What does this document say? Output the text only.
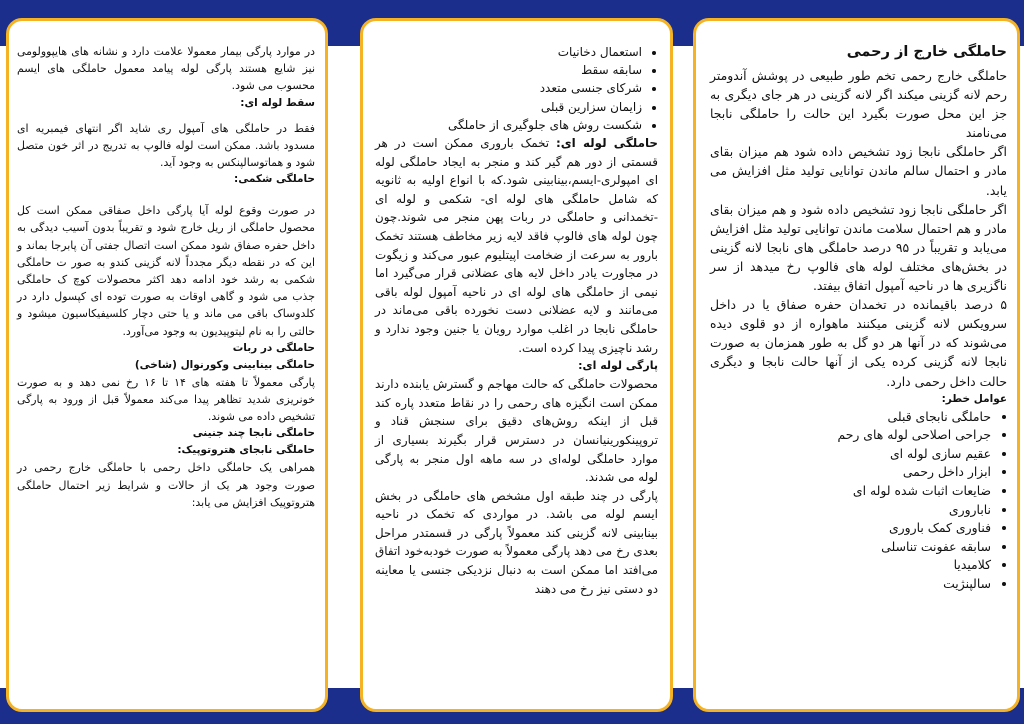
حاملگی خارج از رحمی

حاملگی خارج رحمی تخم طور طبیعی در پوشش آندومتر رحم لانه گزینی میکند اگر لانه گزینی در هر جای دیگری به جز این محل صورت بگیرد این حالت را حاملگی نابجا می‌نامند

اگر حاملگی نابجا زود تشخیص داده شود هم میزان بقای مادر و احتمال سالم ماندن توانایی تولید مثل افزایش می یابد.

اگر حاملگی نابجا زود تشخیص داده شود و هم میزان بقای مادر و هم احتمال سلامت ماندن توانایی تولید مثل افزایش می‌یابد و تقریباً در ۹۵ درصد حاملگی های نابجا لانه گزینی در بخش‌های مختلف لوله های فالوپ رخ میدهد از سر ناگزیری ها در ناحیه آمپول اتفاق بیفتد.

۵ درصد باقیمانده در تخمدان حفره صفاق یا در داخل سرویکس لانه گزینی میکنند ماهواره از دو قلوی دیده می‌شوند که در آنها هر دو گل به طور همزمان به صورت نابجا لانه گزینی کرده یکی از آنها حالت نابجا و دیگری حالت داخل رحمی دارد.

عوامل خطر:
• حاملگی نابجای قبلی
• جراحی اصلاحی لوله های رحم
• عقیم سازی لوله ای
• ابزار داخل رحمی
• ضایعات اثبات شده لوله ای
• ناباروری
• فناوری کمک باروری
• سابقه عفونت تناسلی
• کلامیدیا
• سالپنژیت
• استعمال دخانیات
• سابقه سقط
• شرکای جنسی متعدد
• زایمان سزارین قبلی
• شکست روش های جلوگیری از حاملگی

حاملگی لوله ای: تخمک باروری ممکن است در هر قسمتی از دور هم گیر کند و منجر به ایجاد حاملگی لوله ای امپولری-ایسم،بینابینی شود.که با انواع اولیه به ثانویه که شامل حاملگی های لوله ای- شکمی و لوله ای -تخمدانی و حاملگی در ربات پهن منجر می شوند.چون چون لوله های فالوپ فاقد لایه زیر مخاطف هستند تخمک بارور به سرعت از ضخامت اپیتلیوم عبور می‌کند و زیگوت در مجاورت یادر داخل لایه های عضلانی قرار می‌گیرد اما نیمی از حاملگی های لوله ای در ناحیه آمپول لوله باقی می‌مانند و لایه عضلانی دست نخورده باقی می‌ماند در حاملگی نابجا در اغلب موارد رویان یا جنین وجود ندارد و رشد ناچیزی پیدا کرده است.

پارگی لوله ای:

محصولات حاملگی که حالت مهاجم و گسترش یابنده دارند ممکن است انگیزه های رحمی را در نقاط متعدد پاره کند قبل از اینکه روش‌های دقیق برای سنجش قناد و تروپینکورینیانسان در دسترس قرار بگیرند بسیاری از موارد حاملگی لوله‌ای در سه ماهه اول منجر به پارگی لوله می شدند.

پارگی در چند طبقه اول مشخص های حاملگی در بخش ایسم لوله می باشد. در مواردی که تخمک در ناحیه بینابینی لانه گزینی کند معمولاً پارگی در قسمتدر مراحل بعدی رخ می دهد پارگی معمولاً به صورت خودبه‌خود اتفاق می‌افتد اما ممکن است به دنبال نزدیکی جنسی یا معاینه دو دستی نیز رخ می دهند

در موارد پارگی بیمار معمولا علامت دارد و نشانه های هایپوولومی نیز شایع هستند پارگی لوله پیامد معمول حاملگی های ایسم محسوب می شود.

سقط لوله ای:

فقط در حاملگی های آمپول ری شاید اگر انتهای فیمبریه ای مسدود باشد. ممکن است لوله فالوپ به تدریج در اثر خون متصل شود و هماتوسالپنکس به وجود آید.

حاملگی شکمی:

در صورت وقوع لوله آیا پارگی داخل صفاقی ممکن است کل محصول حاملگی از ریل خارج شود و تقریباً بدون آسیب دیدگی به داخل حفره صفاق شود ممکن است اتصال جفتی آن پابرجا بماند و این که در نقطه دیگر مجدداً لانه گزینی کندو به صور ت حاملگی شکمی به رشد خود ادامه دهد اکثر محصولات کوچ ک حاملگی جذب می شود و گاهی اوقات به صورت توده ای کپسول دارد در کلدوساک باقی می ماند و یا حتی دچار کلسیفیکاسیون میشود و حالتی را به نام لیتوپیدیون به وجود می‌آورد.

حاملگی در ربات
حاملگی بینابینی وکورنوال (شاخی)

پارگی معمولاً تا هفته های ۱۴ تا ۱۶ رخ نمی دهد و به صورت خونریزی شدید تظاهر پیدا می‌کند معمولاً قبل از ورود به پارگی تشخیص داده می شوند.

حاملگی نابجا چند جنینی
حاملگی نابجای هتروتوپیک:

همراهی یک حاملگی داخل رحمی با حاملگی خارج رحمی در صورت وجود هر یک از حالات و شرایط زیر احتمال حاملگی هتروتوپیک افزایش می یابد:
